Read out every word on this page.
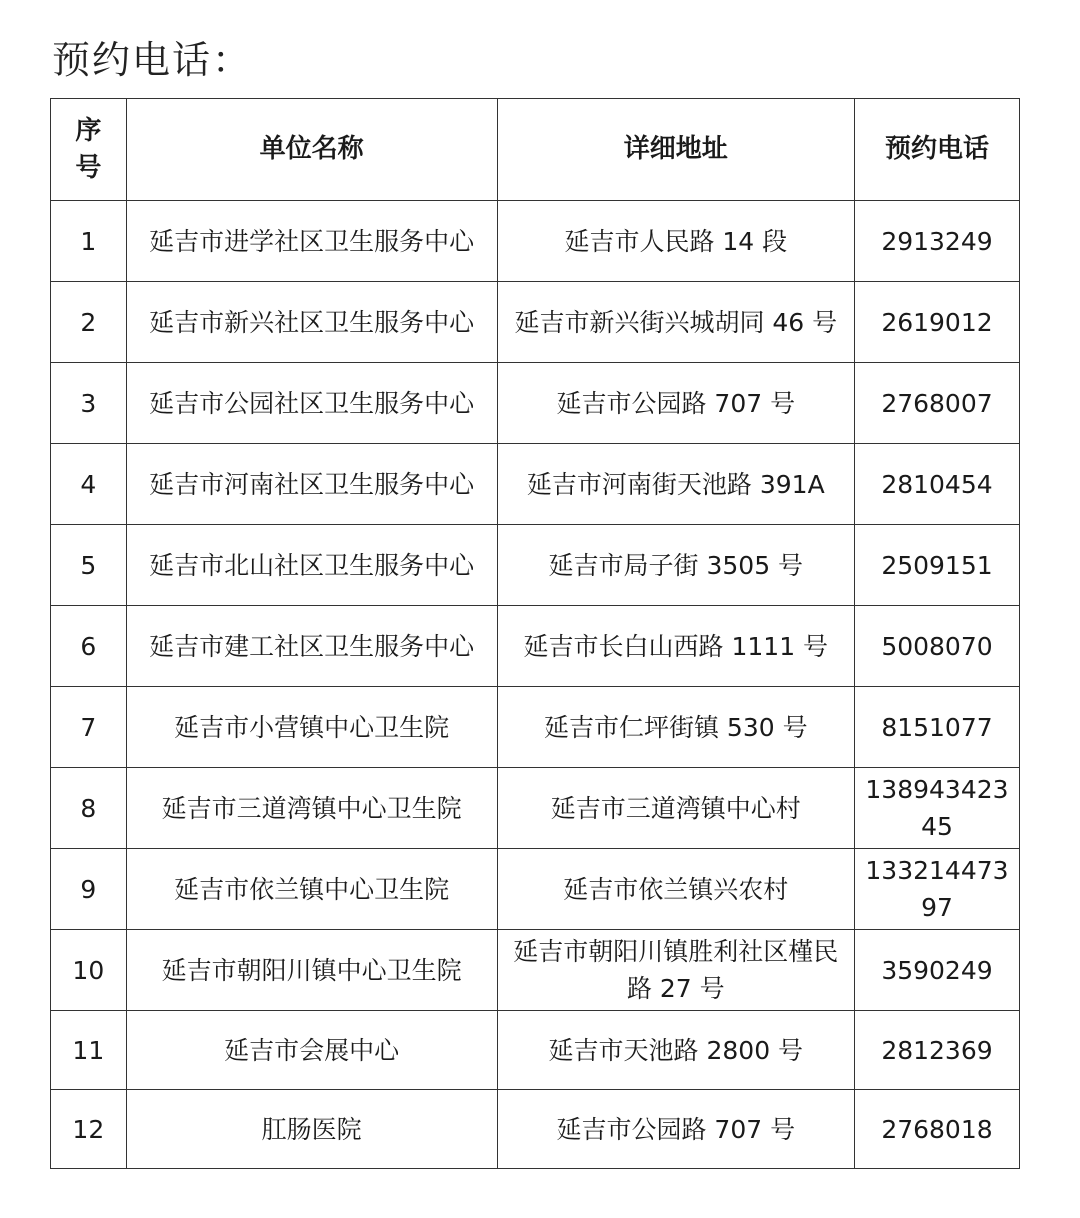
预约电话：
序
号	单位名称	详细地址	预约电话
1	延吉市进学社区卫生服务中心	延吉市人民路 14 段	2913249
2	延吉市新兴社区卫生服务中心	延吉市新兴街兴城胡同 46 号	2619012
3	延吉市公园社区卫生服务中心	延吉市公园路 707 号	2768007
4	延吉市河南社区卫生服务中心	延吉市河南街天池路 391A	2810454
5	延吉市北山社区卫生服务中心	延吉市局子街 3505 号	2509151
6	延吉市建工社区卫生服务中心	延吉市长白山西路 1111 号	5008070
7	延吉市小营镇中心卫生院	延吉市仁坪街镇 530 号	8151077
8	延吉市三道湾镇中心卫生院	延吉市三道湾镇中心村	13894342345
9	延吉市依兰镇中心卫生院	延吉市依兰镇兴农村	13321447397
10	延吉市朝阳川镇中心卫生院	延吉市朝阳川镇胜利社区槿民路 27 号	3590249
11	延吉市会展中心	延吉市天池路 2800 号	2812369
12	肛肠医院	延吉市公园路 707 号	2768018
